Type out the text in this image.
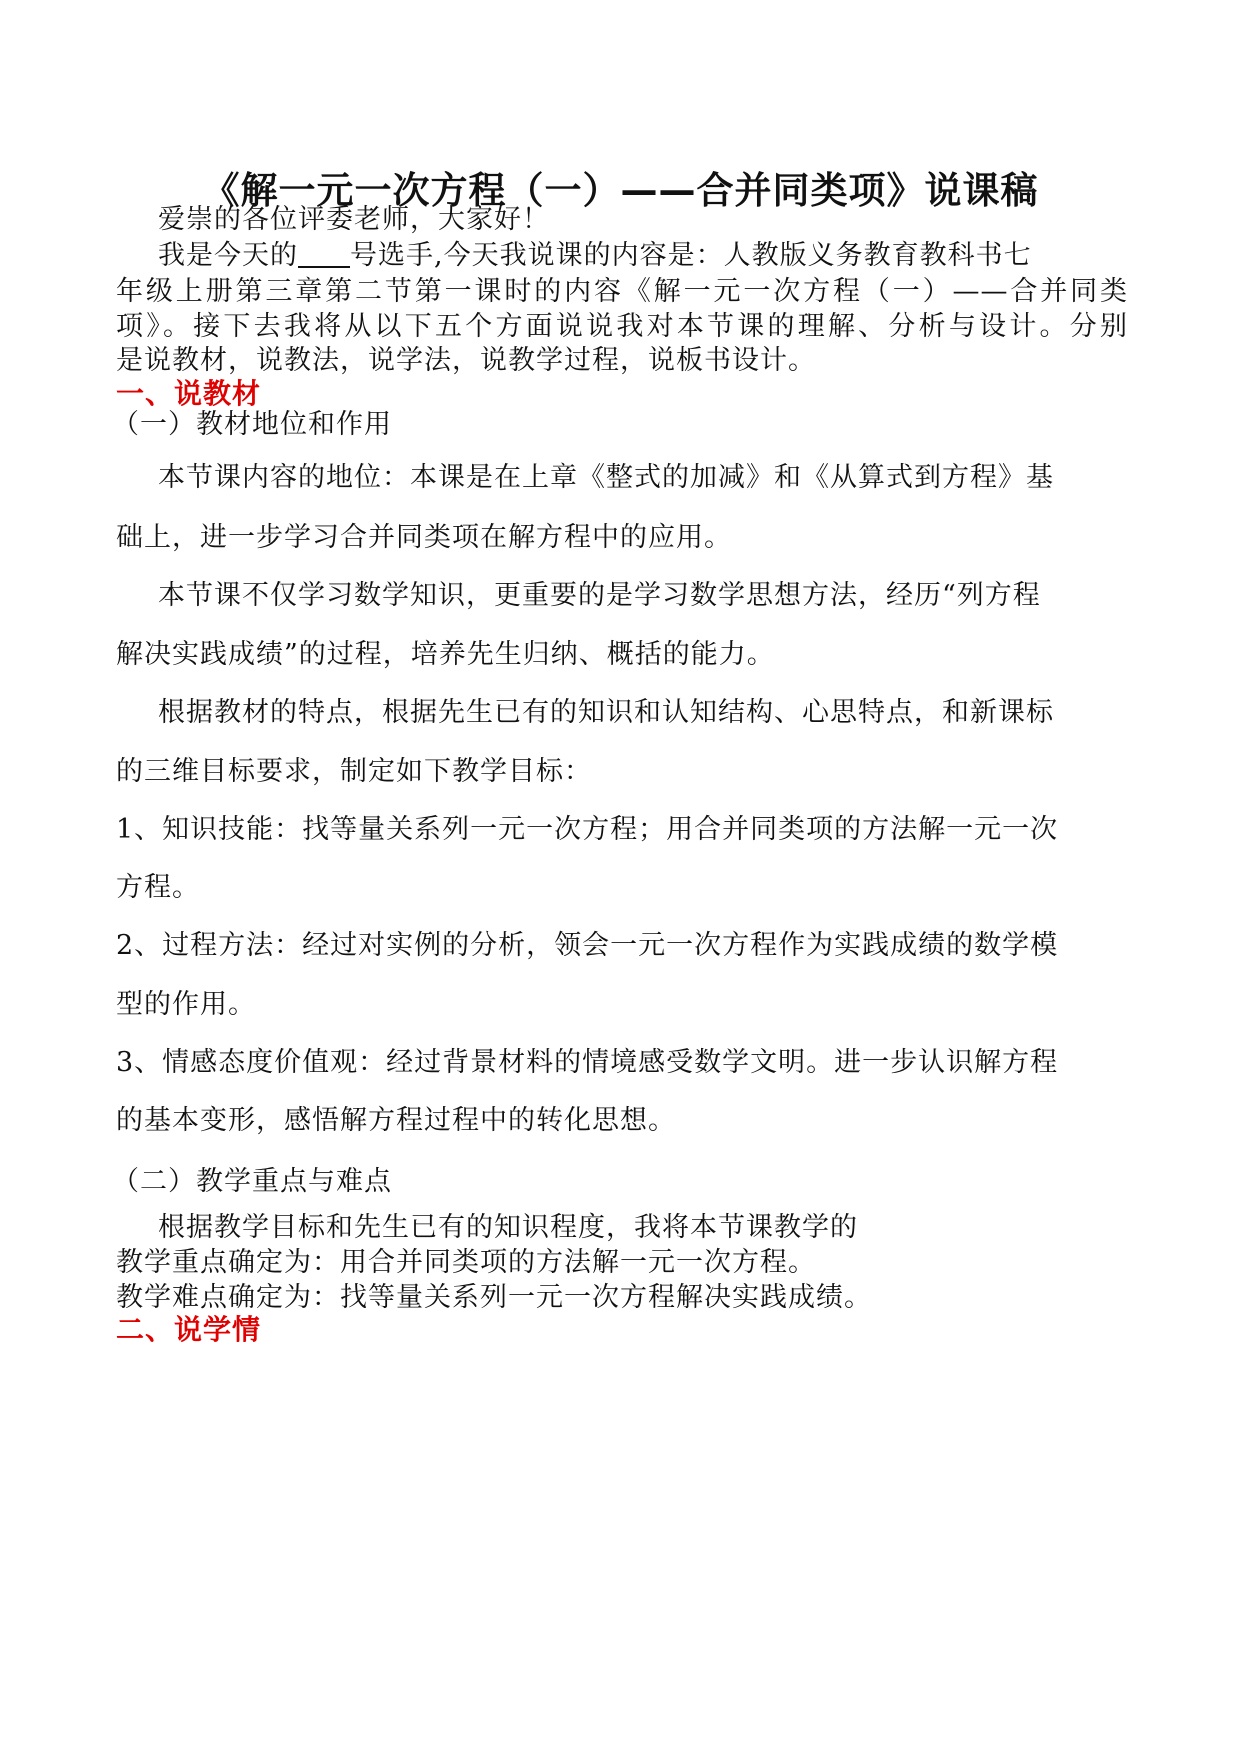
《解一元一次方程（一）——合并同类项》说课稿
爱崇的各位评委老师，大家好！
我是今天的 号选手,今天我说课的内容是：人教版义务教育教科书七
年级上册第三章第二节第一课时的内容《解一元一次方程（一）——合并同类
项》。接下去我将从以下五个方面说说我对本节课的理解、分析与设计。分别
是说教材，说教法，说学法，说教学过程，说板书设计。
一、说教材
（一）教材地位和作用
本节课内容的地位：本课是在上章《整式的加减》和《从算式到方程》基
础上，进一步学习合并同类项在解方程中的应用。
本节课不仅学习数学知识，更重要的是学习数学思想方法，经历“列方程
解决实践成绩”的过程，培养先生归纳、概括的能力。
根据教材的特点，根据先生已有的知识和认知结构、心思特点，和新课标
的三维目标要求，制定如下教学目标：
1、知识技能：找等量关系列一元一次方程；用合并同类项的方法解一元一次
方程。
2、过程方法：经过对实例的分析，领会一元一次方程作为实践成绩的数学模
型的作用。
3、情感态度价值观：经过背景材料的情境感受数学文明。进一步认识解方程
的基本变形，感悟解方程过程中的转化思想。
（二）教学重点与难点
根据教学目标和先生已有的知识程度，我将本节课教学的
教学重点确定为：用合并同类项的方法解一元一次方程。
教学难点确定为：找等量关系列一元一次方程解决实践成绩。
二、说学情
